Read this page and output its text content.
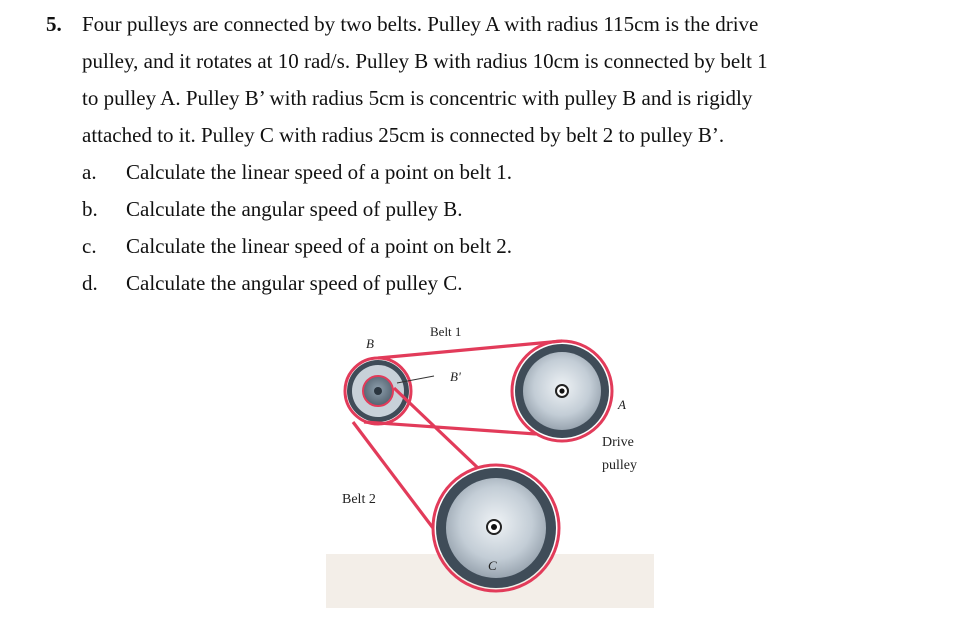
5. Four pulleys are connected by two belts. Pulley A with radius 115cm is the drive
pulley, and it rotates at 10 rad/s. Pulley B with radius 10cm is connected by belt 1
to pulley A. Pulley B’ with radius 5cm is concentric with pulley B and is rigidly
attached to it. Pulley C with radius 25cm is connected by belt 2 to pulley B’.
a. Calculate the linear speed of a point on belt 1.
b. Calculate the angular speed of pulley B.
c. Calculate the linear speed of a point on belt 2.
d. Calculate the angular speed of pulley C.
Belt 1
B
B'
A
Drive
pulley
Belt 2
C
